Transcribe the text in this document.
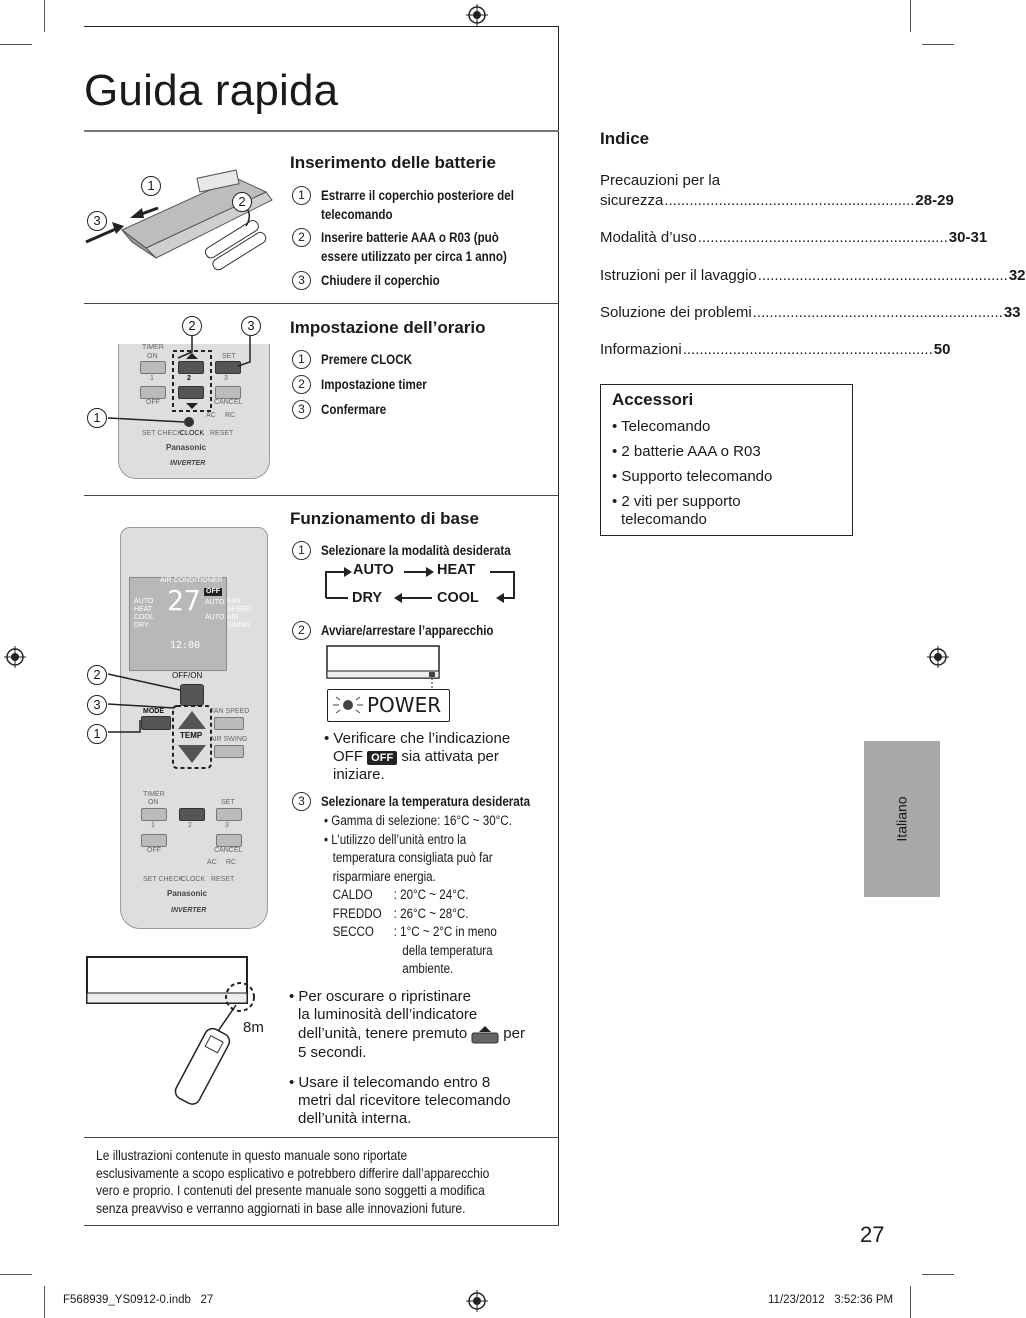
Guida rapida
1
2
3
Inserimento delle batterie
1	Estrarre il coperchio posteriore del
telecomando
2	Inserire batterie AAA o R03 (può
essere utilizzato per circa 1 anno)
3	Chiudere il coperchio
TIMER
ON	SET
1	2	3
OFF	CANCEL
AC RC
SET CHECK
CLOCK RESET
Panasonic
INVERTER
2	3
1
Impostazione dell’orario
1	Premere CLOCK
2	Impostazione timer
3	Confermare
AIR CONDITIONER
AUTO
HEAT
COOL
DRY
27 OFF
AUTO
AUTO
FAN
SPEED
AIR
SWING
12:00
OFF/ON
MODE	FAN SPEED
AIR SWING
TEMP
TIMER
ON	SET
1	2	3
OFF	CANCEL
AC RC
SET CHECK
CLOCK RESET
Panasonic
INVERTER
2
3
1
8m
Funzionamento di base
1	Selezionare la modalità desiderata
AUTO	HEAT
DRY	COOL
2	Avviare/arrestare l’apparecchio
POWER
• Verificare che l’indicazione
OFF OFF sia attivata per
iniziare.
3	Selezionare la temperatura desiderata
• Gamma di selezione: 16°C ~ 30°C.
• L’utilizzo dell’unità entro la
temperatura consigliata può far
risparmiare energia.
CALDO	: 20°C ~ 24°C.
FREDDO : 26°C ~ 28°C.
SECCO	: 1°C ~ 2°C in meno
della temperatura
ambiente.
• Per oscurare o ripristinare
la luminosità dell’indicatore
dell’unità, tenere premuto per
5 secondi.
• Usare il telecomando entro 8
metri dal ricevitore telecomando
dell’unità interna.
Le illustrazioni contenute in questo manuale sono riportate
esclusivamente a scopo esplicativo e potrebbero differire dall’apparecchio
vero e proprio. I contenuti del presente manuale sono soggetti a modifica
senza preavviso e verranno aggiornati in base alle innovazioni future.
Indice
Precauzioni per la
sicurezza ............................................................ 28-29
Modalità d’uso ............................................................ 30-31
Istruzioni per il lavaggio ............................................................ 32
Soluzione dei problemi ............................................................ 33
Informazioni ............................................................ 50
Accessori
• Telecomando
• 2 batterie AAA o R03
• Supporto telecomando
• 2 viti per supporto
telecomando
Italiano
27
F568939_YS0912-0.indb   27	11/23/2012   3:52:36 PM
